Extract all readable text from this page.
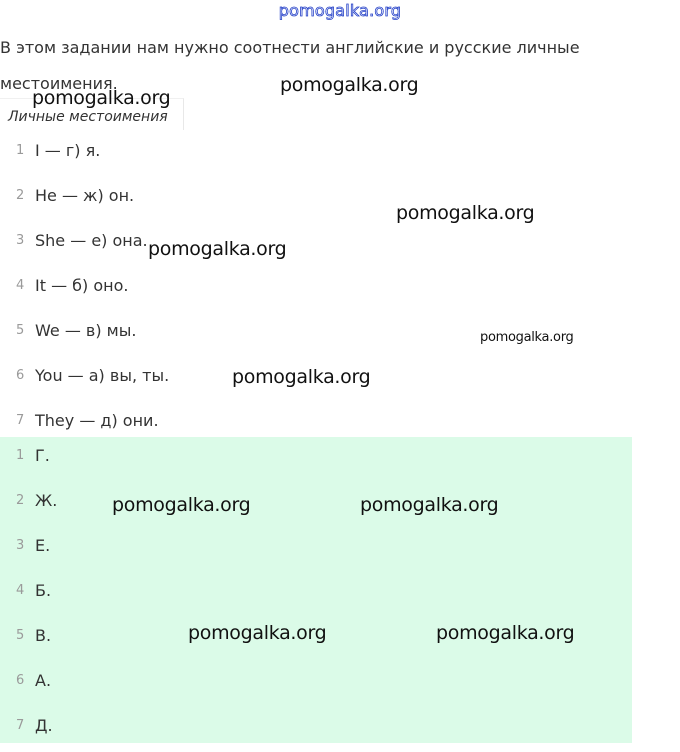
pomogalka.org
В этом задании нам нужно соотнести английские и русские личные местоимения.
Личные местоимения
1 I — г) я.
2 He — ж) он.
3 She — е) она.
4 It — б) оно.
5 We — в) мы.
6 You — а) вы, ты.
7 They — д) они.
1 Г.
2 Ж.
3 Е.
4 Б.
5 В.
6 А.
7 Д.
pomogalka.org
pomogalka.org
pomogalka.org
pomogalka.org
pomogalka.org
pomogalka.org
pomogalka.org	pomogalka.org
pomogalka.org	pomogalka.org
